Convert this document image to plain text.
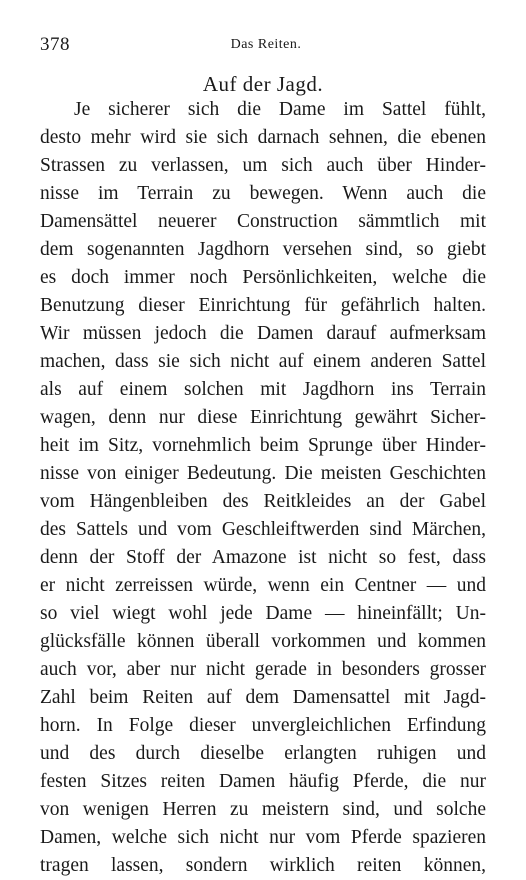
378	Das Reiten.
Auf der Jagd.
Je sicherer sich die Dame im Sattel fühlt,
desto mehr wird sie sich darnach sehnen, die ebenen
Strassen zu verlassen, um sich auch über Hinder-
nisse im Terrain zu bewegen. Wenn auch die
Damensättel neuerer Construction sämmtlich mit
dem sogenannten Jagdhorn versehen sind, so giebt
es doch immer noch Persönlichkeiten, welche die
Benutzung dieser Einrichtung für gefährlich halten.
Wir müssen jedoch die Damen darauf aufmerksam
machen, dass sie sich nicht auf einem anderen Sattel
als auf einem solchen mit Jagdhorn ins Terrain
wagen, denn nur diese Einrichtung gewährt Sicher-
heit im Sitz, vornehmlich beim Sprunge über Hinder-
nisse von einiger Bedeutung. Die meisten Geschichten
vom Hängenbleiben des Reitkleides an der Gabel
des Sattels und vom Geschleiftwerden sind Märchen,
denn der Stoff der Amazone ist nicht so fest, dass
er nicht zerreissen würde, wenn ein Centner — und
so viel wiegt wohl jede Dame — hineinfällt; Un-
glücksfälle können überall vorkommen und kommen
auch vor, aber nur nicht gerade in besonders grosser
Zahl beim Reiten auf dem Damensattel mit Jagd-
horn. In Folge dieser unvergleichlichen Erfindung
und des durch dieselbe erlangten ruhigen und
festen Sitzes reiten Damen häufig Pferde, die nur
von wenigen Herren zu meistern sind, und solche
Damen, welche sich nicht nur vom Pferde spazieren
tragen lassen, sondern wirklich reiten können,
